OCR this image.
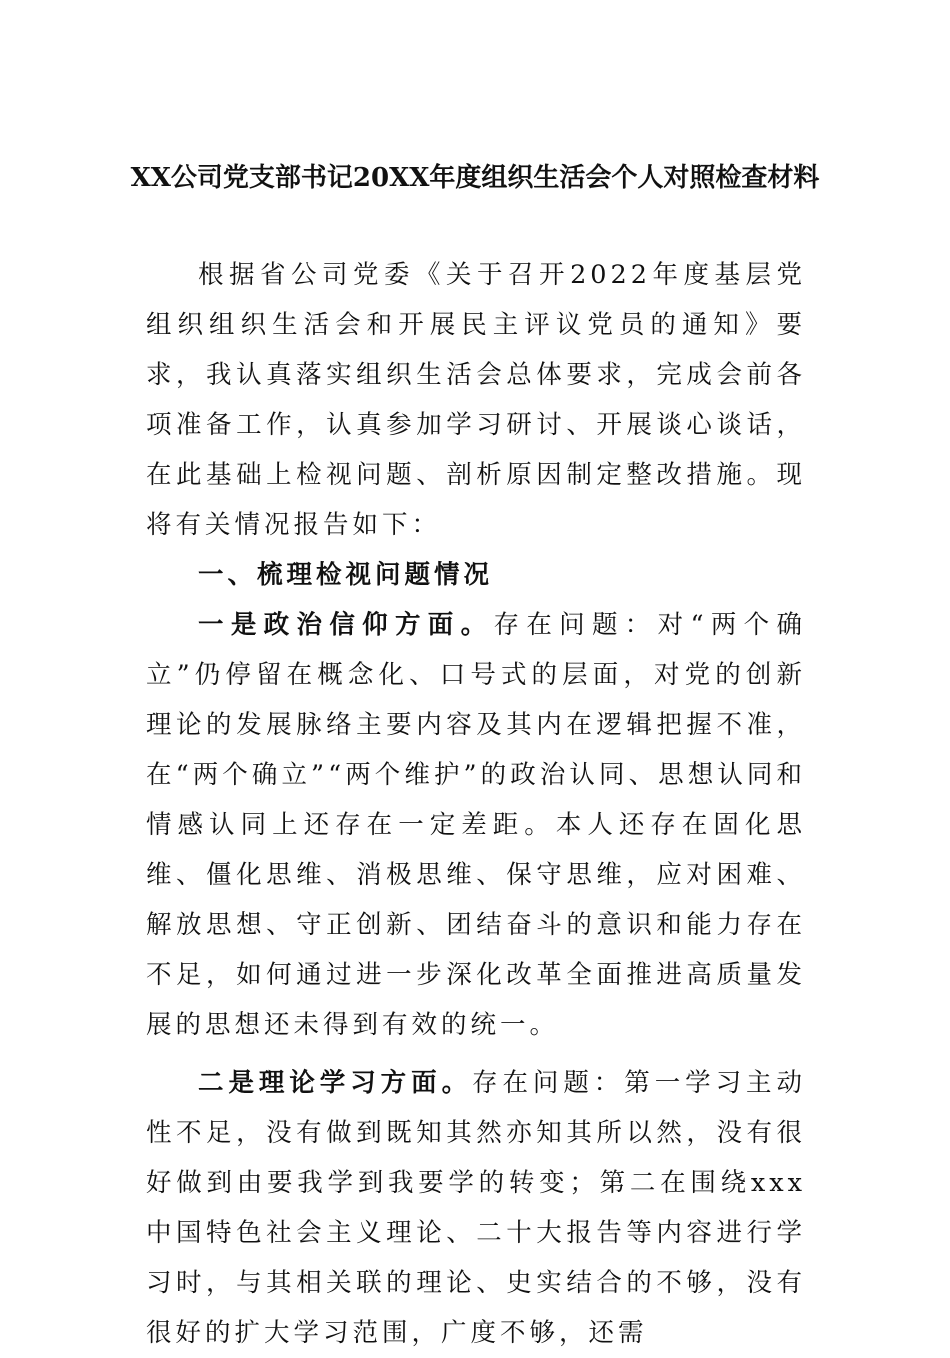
XX公司党支部书记20XX年度组织生活会个人对照检查材料

根据省公司党委《关于召开2022年度基层党组织组织生活会和开展民主评议党员的通知》要求，我认真落实组织生活会总体要求，完成会前各项准备工作，认真参加学习研讨、开展谈心谈话，在此基础上检视问题、剖析原因制定整改措施。现将有关情况报告如下：

一、梳理检视问题情况

一是政治信仰方面。存在问题：对“两个确立”仍停留在概念化、口号式的层面，对党的创新理论的发展脉络主要内容及其内在逻辑把握不准，在“两个确立”“两个维护”的政治认同、思想认同和情感认同上还存在一定差距。本人还存在固化思维、僵化思维、消极思维、保守思维，应对困难、解放思想、守正创新、团结奋斗的意识和能力存在不足，如何通过进一步深化改革全面推进高质量发展的思想还未得到有效的统一。

二是理论学习方面。存在问题：第一学习主动性不足，没有做到既知其然亦知其所以然，没有很好做到由要我学到我要学的转变；第二在围绕xxx中国特色社会主义理论、二十大报告等内容进行学习时，与其相关联的理论、史实结合的不够，没有很好的扩大学习范围，广度不够，还需
